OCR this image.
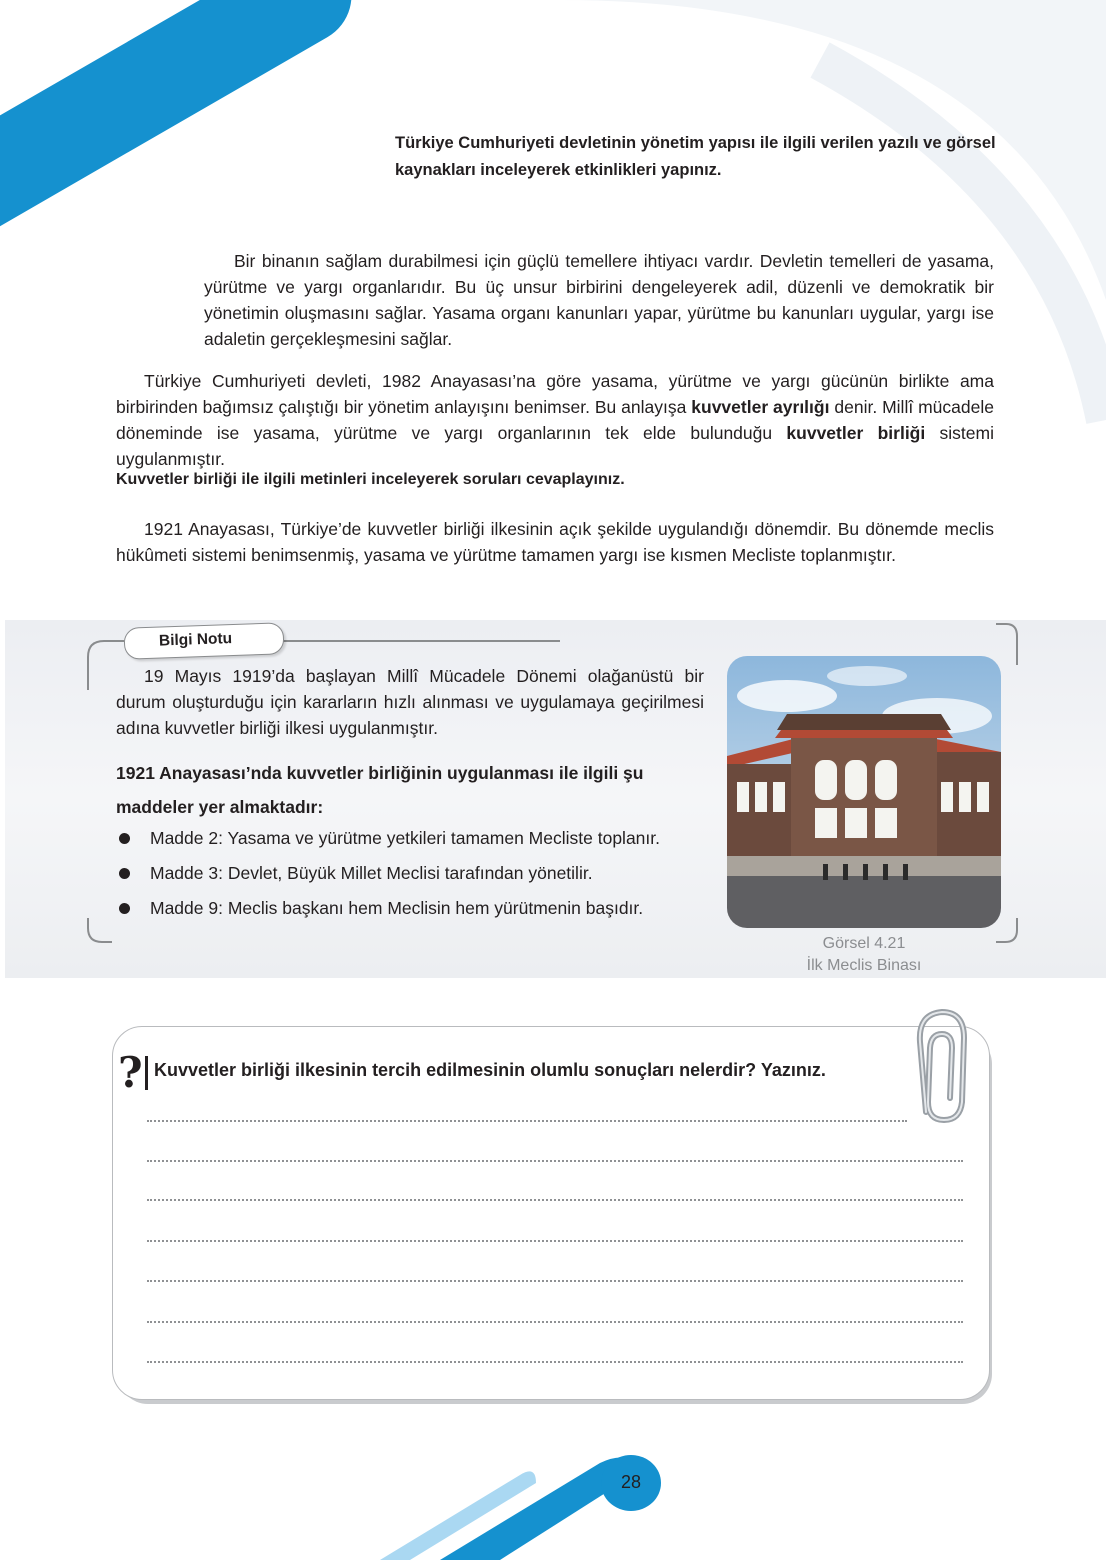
ÖĞRENELİM	Türkiye Cumhuriyeti devletinin yönetim yapısı ile ilgili verilen yazılı ve görsel kaynakları inceleyerek etkinlikleri yapınız.

Bir binanın sağlam durabilmesi için güçlü temellere ihtiyacı vardır. Devletin temelleri de yasama, yürütme ve yargı organlarıdır. Bu üç unsur birbirini dengeleyerek adil, düzenli ve demokratik bir yönetimin oluşmasını sağlar. Yasama organı kanunları yapar, yürütme bu kanunları uygular, yargı ise adaletin gerçekleşmesini sağlar.

Türkiye Cumhuriyeti devleti, 1982 Anayasası’na göre yasama, yürütme ve yargı gücünün birlikte ama birbirinden bağımsız çalıştığı bir yönetim anlayışını benimser. Bu anlayışa kuvvetler ayrılığı denir. Millî mücadele döneminde ise yasama, yürütme ve yargı organlarının tek elde bulunduğu kuvvetler birliği sistemi uygulanmıştır.

Kuvvetler birliği ile ilgili metinleri inceleyerek soruları cevaplayınız.

1921 Anayasası, Türkiye’de kuvvetler birliği ilkesinin açık şekilde uygulandığı dönemdir. Bu dönemde meclis hükûmeti sistemi benimsenmiş, yasama ve yürütme tamamen yargı ise kısmen Mecliste toplanmıştır.

Bilgi Notu

19 Mayıs 1919’da başlayan Millî Mücadele Dönemi olağanüstü bir durum oluşturduğu için kararların hızlı alınması ve uygulamaya geçirilmesi adına kuvvetler birliği ilkesi uygulanmıştır.

1921 Anayasası’nda kuvvetler birliğinin uygulanması ile ilgili şu maddeler yer almaktadır:
Madde 2: Yasama ve yürütme yetkileri tamamen Mecliste toplanır.
Madde 3: Devlet, Büyük Millet Meclisi tarafından yönetilir.
Madde 9: Meclis başkanı hem Meclisin hem yürütmenin başıdır.
Görsel 4.21
İlk Meclis Binası
? Kuvvetler birliği ilkesinin tercih edilmesinin olumlu sonuçları nelerdir? Yazınız.
28
